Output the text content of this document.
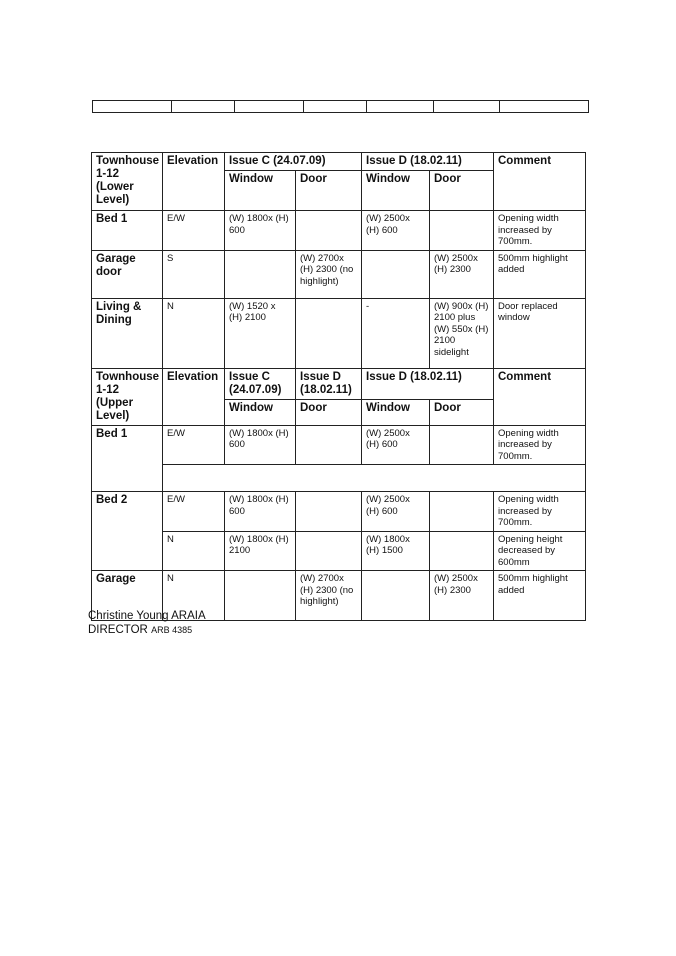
Townhouse 1-12 (Lower Level)	Elevation	Issue C (24.07.09)		Issue D (18.02.11)		Comment
		Window	Door	Window	Door	
Bed 1	E/W	(W) 1800x (H) 600		(W) 2500x (H) 600		Opening width increased by 700mm.
Garage door	S		(W) 2700x (H) 2300 (no highlight)		(W) 2500x (H) 2300	500mm highlight added
Living & Dining	N	(W) 1520 x (H) 2100		-	(W) 900x (H) 2100 plus (W) 550x (H) 2100 sidelight	Door replaced window
Townhouse 1-12 (Upper Level)	Elevation	Issue C (24.07.09)	Issue D (18.02.11)	Issue D (18.02.11)		Comment
		Window	Door	Window	Door	
Bed 1	E/W	(W) 1800x (H) 600		(W) 2500x (H) 600		Opening width increased by 700mm.

Bed 2	E/W	(W) 1800x (H) 600		(W) 2500x (H) 600		Opening width increased by 700mm.
	N	(W) 1800x (H) 2100		(W) 1800x (H) 1500		Opening height decreased by 600mm
Garage	N		(W) 2700x (H) 2300 (no highlight)		(W) 2500x (H) 2300	500mm highlight added
Christine Young ARAIA
DIRECTOR ARB 4385
